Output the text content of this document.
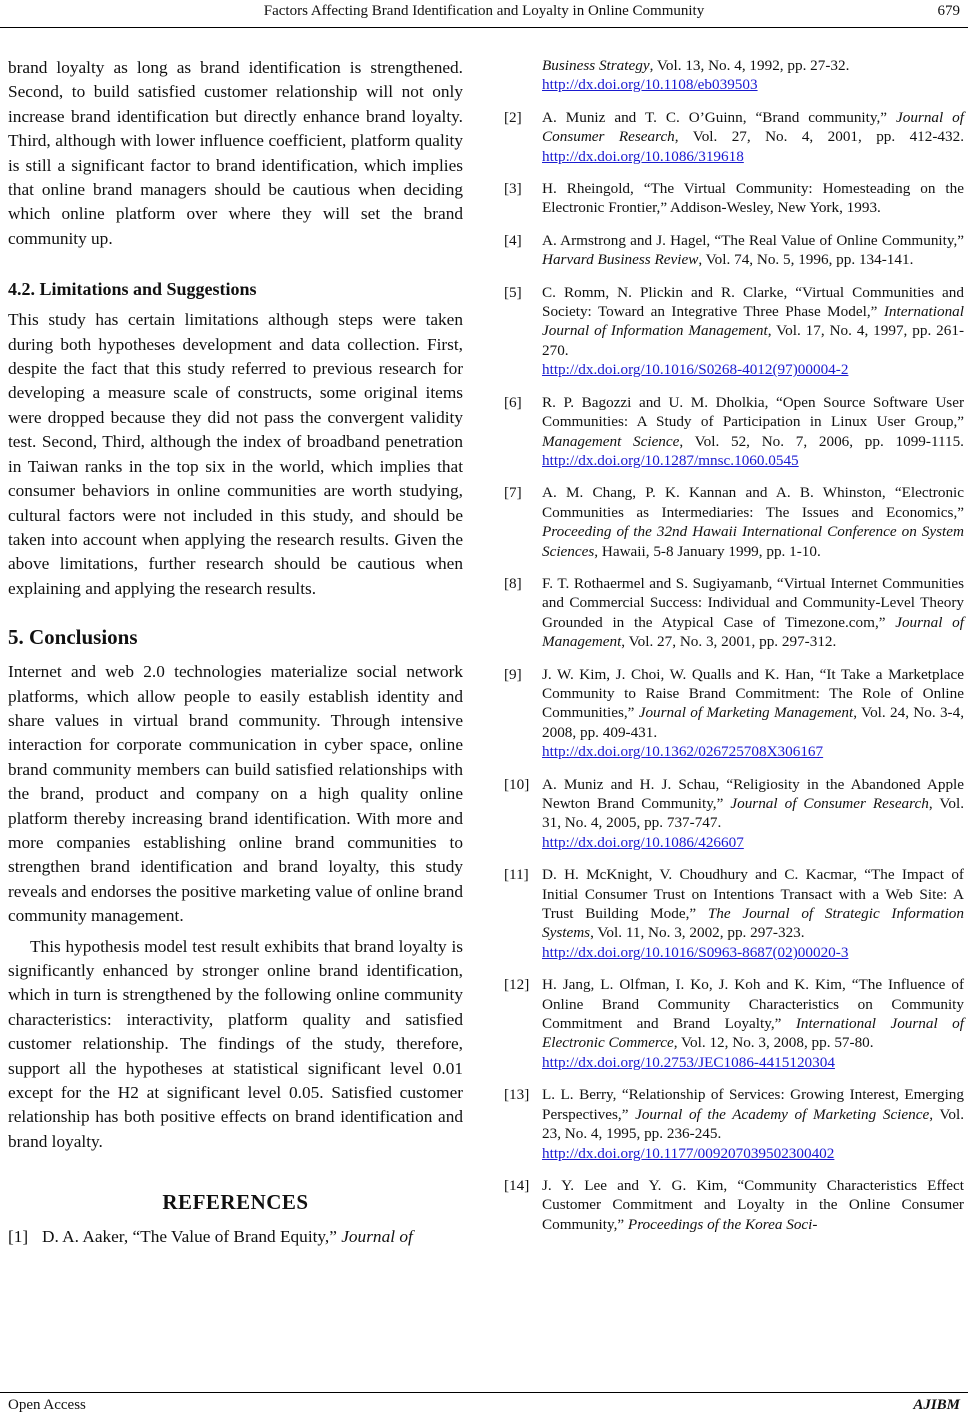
Factors Affecting Brand Identification and Loyalty in Online Community	679

brand loyalty as long as brand identification is strengthened. Second, to build satisfied customer relationship will not only increase brand identification but directly enhance brand loyalty. Third, although with lower influence coefficient, platform quality is still a significant factor to brand identification, which implies that online brand managers should be cautious when deciding which online platform over where they will set the brand community up.

4.2. Limitations and Suggestions

This study has certain limitations although steps were taken during both hypotheses development and data collection. First, despite the fact that this study referred to previous research for developing a measure scale of constructs, some original items were dropped because they did not pass the convergent validity test. Second, Third, although the index of broadband penetration in Taiwan ranks in the top six in the world, which implies that consumer behaviors in online communities are worth studying, cultural factors were not included in this study, and should be taken into account when applying the research results. Given the above limitations, further research should be cautious when explaining and applying the research results.

5. Conclusions

Internet and web 2.0 technologies materialize social network platforms, which allow people to easily establish identity and share values in virtual brand community. Through intensive interaction for corporate communication in cyber space, online brand community members can build satisfied relationships with the brand, product and company on a high quality online platform thereby increasing brand identification. With more and more companies establishing online brand communities to strengthen brand identification and brand loyalty, this study reveals and endorses the positive marketing value of online brand community management.

This hypothesis model test result exhibits that brand loyalty is significantly enhanced by stronger online brand identification, which in turn is strengthened by the following online community characteristics: interactivity, platform quality and satisfied customer relationship. The findings of the study, therefore, support all the hypotheses at statistical significant level 0.01 except for the H2 at significant level 0.05. Satisfied customer relationship has both positive effects on brand identification and brand loyalty.

REFERENCES
[1] D. A. Aaker, “The Value of Brand Equity,” Journal of
Business Strategy, Vol. 13, No. 4, 1992, pp. 27-32.
http://dx.doi.org/10.1108/eb039503
[2] A. Muniz and T. C. O’Guinn, “Brand community,” Journal of Consumer Research, Vol. 27, No. 4, 2001, pp. 412-432. http://dx.doi.org/10.1086/319618
[3] H. Rheingold, “The Virtual Community: Homesteading on the Electronic Frontier,” Addison-Wesley, New York, 1993.
[4] A. Armstrong and J. Hagel, “The Real Value of Online Community,” Harvard Business Review, Vol. 74, No. 5, 1996, pp. 134-141.
[5] C. Romm, N. Plickin and R. Clarke, “Virtual Communities and Society: Toward an Integrative Three Phase Model,” International Journal of Information Management, Vol. 17, No. 4, 1997, pp. 261-270.
http://dx.doi.org/10.1016/S0268-4012(97)00004-2
[6] R. P. Bagozzi and U. M. Dholkia, “Open Source Software User Communities: A Study of Participation in Linux User Group,” Management Science, Vol. 52, No. 7, 2006, pp. 1099-1115. http://dx.doi.org/10.1287/mnsc.1060.0545
[7] A. M. Chang, P. K. Kannan and A. B. Whinston, “Electronic Communities as Intermediaries: The Issues and Economics,” Proceeding of the 32nd Hawaii International Conference on System Sciences, Hawaii, 5-8 January 1999, pp. 1-10.
[8] F. T. Rothaermel and S. Sugiyamanb, “Virtual Internet Communities and Commercial Success: Individual and Community-Level Theory Grounded in the Atypical Case of Timezone.com,” Journal of Management, Vol. 27, No. 3, 2001, pp. 297-312.
[9] J. W. Kim, J. Choi, W. Qualls and K. Han, “It Take a Marketplace Community to Raise Brand Commitment: The Role of Online Communities,” Journal of Marketing Management, Vol. 24, No. 3-4, 2008, pp. 409-431.
http://dx.doi.org/10.1362/026725708X306167
[10] A. Muniz and H. J. Schau, “Religiosity in the Abandoned Apple Newton Brand Community,” Journal of Consumer Research, Vol. 31, No. 4, 2005, pp. 737-747.
http://dx.doi.org/10.1086/426607
[11] D. H. McKnight, V. Choudhury and C. Kacmar, “The Impact of Initial Consumer Trust on Intentions Transact with a Web Site: A Trust Building Mode,” The Journal of Strategic Information Systems, Vol. 11, No. 3, 2002, pp. 297-323.
http://dx.doi.org/10.1016/S0963-8687(02)00020-3
[12] H. Jang, L. Olfman, I. Ko, J. Koh and K. Kim, “The Influence of Online Brand Community Characteristics on Community Commitment and Brand Loyalty,” International Journal of Electronic Commerce, Vol. 12, No. 3, 2008, pp. 57-80.
http://dx.doi.org/10.2753/JEC1086-4415120304
[13] L. L. Berry, “Relationship of Services: Growing Interest, Emerging Perspectives,” Journal of the Academy of Marketing Science, Vol. 23, No. 4, 1995, pp. 236-245.
http://dx.doi.org/10.1177/009207039502300402
[14] J. Y. Lee and Y. G. Kim, “Community Characteristics Effect Customer Commitment and Loyalty in the Online Consumer Community,” Proceedings of the Korea Soci-
Open Access	AJIBM
